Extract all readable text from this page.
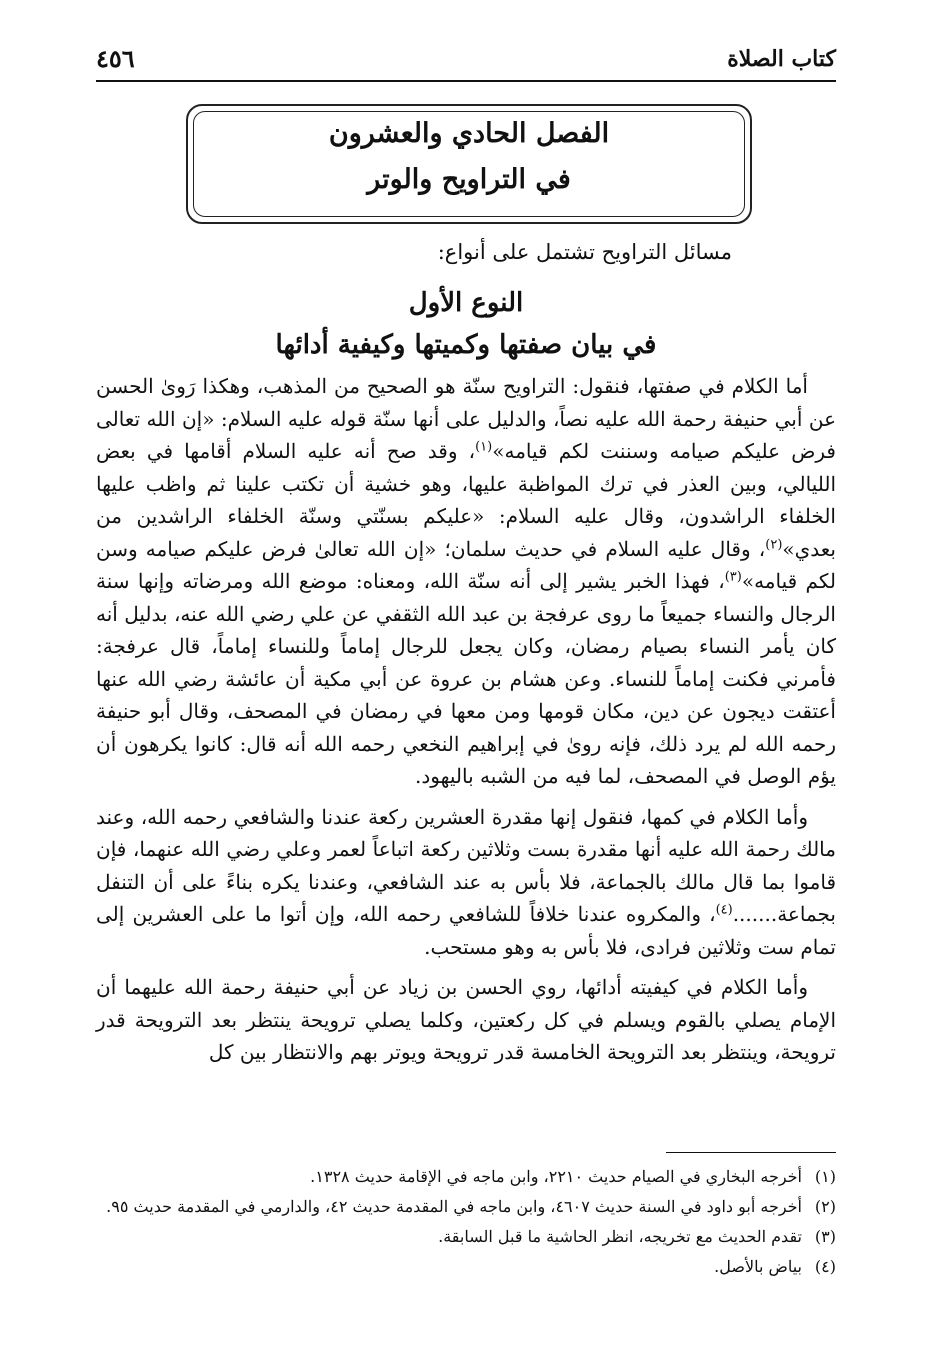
كتاب الصلاة
٤٥٦
الفصل الحادي والعشرون
في التراويح والوتر
مسائل التراويح تشتمل على أنواع:
النوع الأول
في بيان صفتها وكميتها وكيفية أدائها

أما الكلام في صفتها، فنقول: التراويح سنّة هو الصحيح من المذهب، وهكذا رَوىٰ الحسن عن أبي حنيفة رحمة الله عليه نصاً، والدليل على أنها سنّة قوله عليه السلام: «إن الله تعالى فرض عليكم صيامه وسننت لكم قيامه»$^{(١)}$، وقد صح أنه عليه السلام أقامها في بعض الليالي، وبين العذر في ترك المواظبة عليها، وهو خشية أن تكتب علينا ثم واظب عليها الخلفاء الراشدون، وقال عليه السلام: «عليكم بسنّتي وسنّة الخلفاء الراشدين من بعدي»$^{(٢)}$، وقال عليه السلام في حديث سلمان؛ «إن الله تعالىٰ فرض عليكم صيامه وسن لكم قيامه»$^{(٣)}$، فهذا الخبر يشير إلى أنه سنّة الله، ومعناه: موضع الله ومرضاته وإنها سنة الرجال والنساء جميعاً ما روى عرفجة بن عبد الله الثقفي عن علي رضي الله عنه، بدليل أنه كان يأمر النساء بصيام رمضان، وكان يجعل للرجال إماماً وللنساء إماماً، قال عرفجة: فأمرني فكنت إماماً للنساء. وعن هشام بن عروة عن أبي مكية أن عائشة رضي الله عنها أعتقت ديجون عن دين، مكان قومها ومن معها في رمضان في المصحف، وقال أبو حنيفة رحمه الله لم يرد ذلك، فإنه روىٰ في إبراهيم النخعي رحمه الله أنه قال: كانوا يكرهون أن يؤم الوصل في المصحف، لما فيه من الشبه باليهود.

وأما الكلام في كمها، فنقول إنها مقدرة العشرين ركعة عندنا والشافعي رحمه الله، وعند مالك رحمة الله عليه أنها مقدرة بست وثلاثين ركعة اتباعاً لعمر وعلي رضي الله عنهما، فإن قاموا بما قال مالك بالجماعة، فلا بأس به عند الشافعي، وعندنا يكره بناءً على أن التنفل بجماعة.......$^{(٤)}$، والمكروه عندنا خلافاً للشافعي رحمه الله، وإن أتوا ما على العشرين إلى تمام ست وثلاثين فرادى، فلا بأس به وهو مستحب.

وأما الكلام في كيفيته أدائها، روي الحسن بن زياد عن أبي حنيفة رحمة الله عليهما أن الإمام يصلي بالقوم ويسلم في كل ركعتين، وكلما يصلي ترويحة ينتظر بعد الترويحة قدر ترويحة، وينتظر بعد الترويحة الخامسة قدر ترويحة ويوتر بهم والانتظار بين كل

(١)أخرجه البخاري في الصيام حديث ٢٢١٠، وابن ماجه في الإقامة حديث ١٣٢٨.

(٢)أخرجه أبو داود في السنة حديث ٤٦٠٧، وابن ماجه في المقدمة حديث ٤٢، والدارمي في المقدمة حديث ٩٥.

(٣)تقدم الحديث مع تخريجه، انظر الحاشية ما قبل السابقة.

(٤)بياض بالأصل.
